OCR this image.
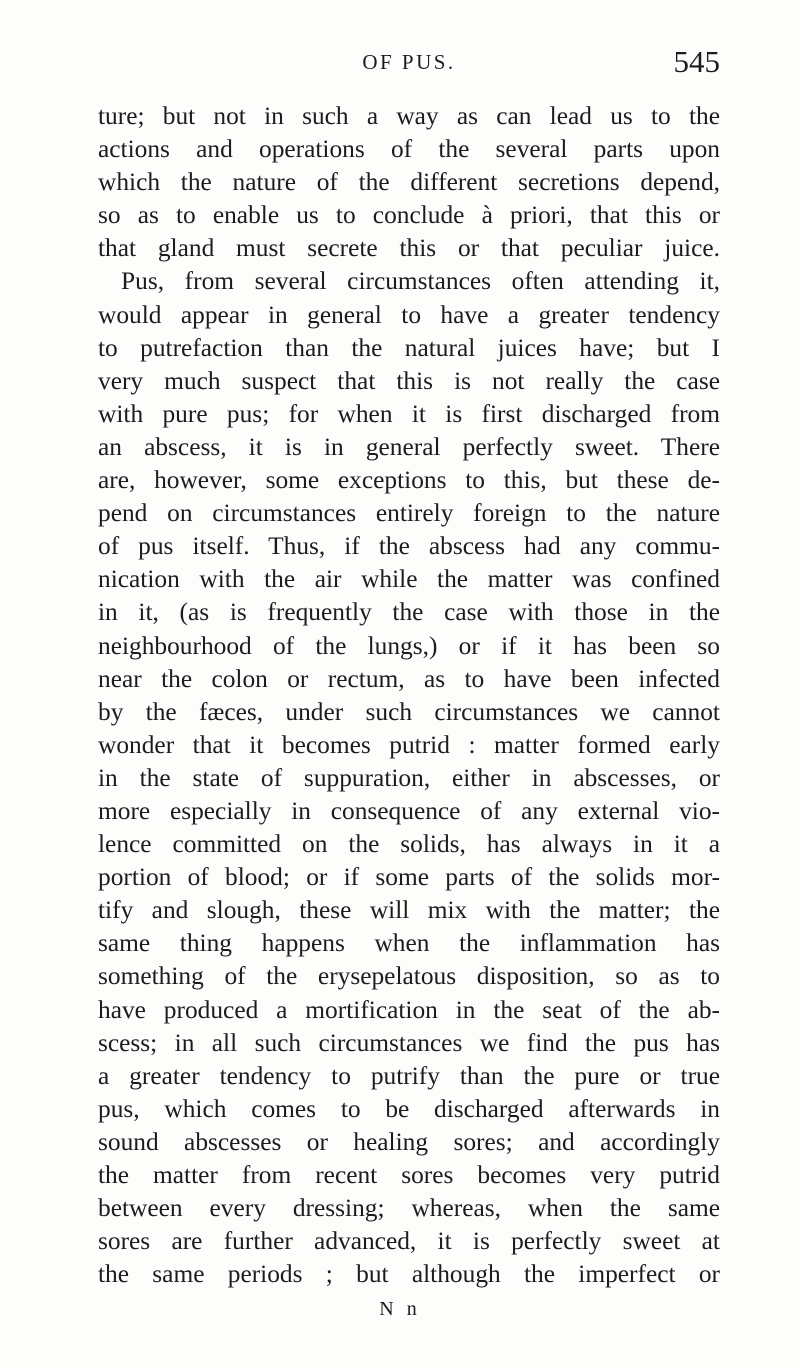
OF PUS.	545
ture; but not in such a way as can lead us to the
actions and operations of the several parts upon
which the nature of the different secretions depend,
so as to enable us to conclude à priori, that this or
that gland must secrete this or that peculiar juice.
Pus, from several circumstances often attending it,
would appear in general to have a greater tendency
to putrefaction than the natural juices have; but I
very much suspect that this is not really the case
with pure pus; for when it is first discharged from
an abscess, it is in general perfectly sweet. There
are, however, some exceptions to this, but these de-
pend on circumstances entirely foreign to the nature
of pus itself. Thus, if the abscess had any commu-
nication with the air while the matter was confined
in it, (as is frequently the case with those in the
neighbourhood of the lungs,) or if it has been so
near the colon or rectum, as to have been infected
by the fæces, under such circumstances we cannot
wonder that it becomes putrid : matter formed early
in the state of suppuration, either in abscesses, or
more especially in consequence of any external vio-
lence committed on the solids, has always in it a
portion of blood; or if some parts of the solids mor-
tify and slough, these will mix with the matter; the
same thing happens when the inflammation has
something of the erysepelatous disposition, so as to
have produced a mortification in the seat of the ab-
scess; in all such circumstances we find the pus has
a greater tendency to putrify than the pure or true
pus, which comes to be discharged afterwards in
sound abscesses or healing sores; and accordingly
the matter from recent sores becomes very putrid
between every dressing; whereas, when the same
sores are further advanced, it is perfectly sweet at
the same periods ; but although the imperfect or
N n
